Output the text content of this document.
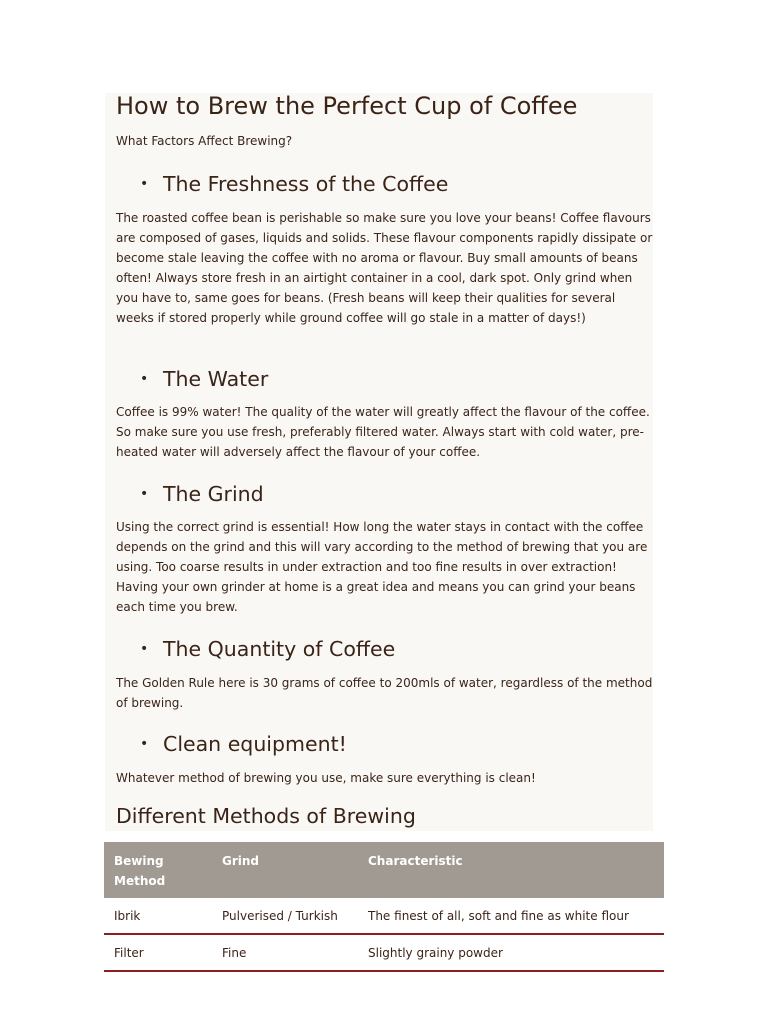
How to Brew the Perfect Cup of Coffee

What Factors Affect Brewing?

• The Freshness of the Coffee

The roasted coffee bean is perishable so make sure you love your beans! Coffee flavours are composed of gases, liquids and solids. These flavour components rapidly dissipate or become stale leaving the coffee with no aroma or flavour. Buy small amounts of beans often! Always store fresh in an airtight container in a cool, dark spot. Only grind when you have to, same goes for beans. (Fresh beans will keep their qualities for several weeks if stored properly while ground coffee will go stale in a matter of days!)

• The Water

Coffee is 99% water! The quality of the water will greatly affect the flavour of the coffee. So make sure you use fresh, preferably filtered water. Always start with cold water, pre-heated water will adversely affect the flavour of your coffee.

• The Grind

Using the correct grind is essential! How long the water stays in contact with the coffee depends on the grind and this will vary according to the method of brewing that you are using. Too coarse results in under extraction and too fine results in over extraction! Having your own grinder at home is a great idea and means you can grind your beans each time you brew.

• The Quantity of Coffee

The Golden Rule here is 30 grams of coffee to 200mls of water, regardless of the method of brewing.

• Clean equipment!

Whatever method of brewing you use, make sure everything is clean!

Different Methods of Brewing
Bewing Method	Grind	Characteristic
Ibrik	Pulverised / Turkish	The finest of all, soft and fine as white flour
Filter	Fine	Slightly grainy powder
